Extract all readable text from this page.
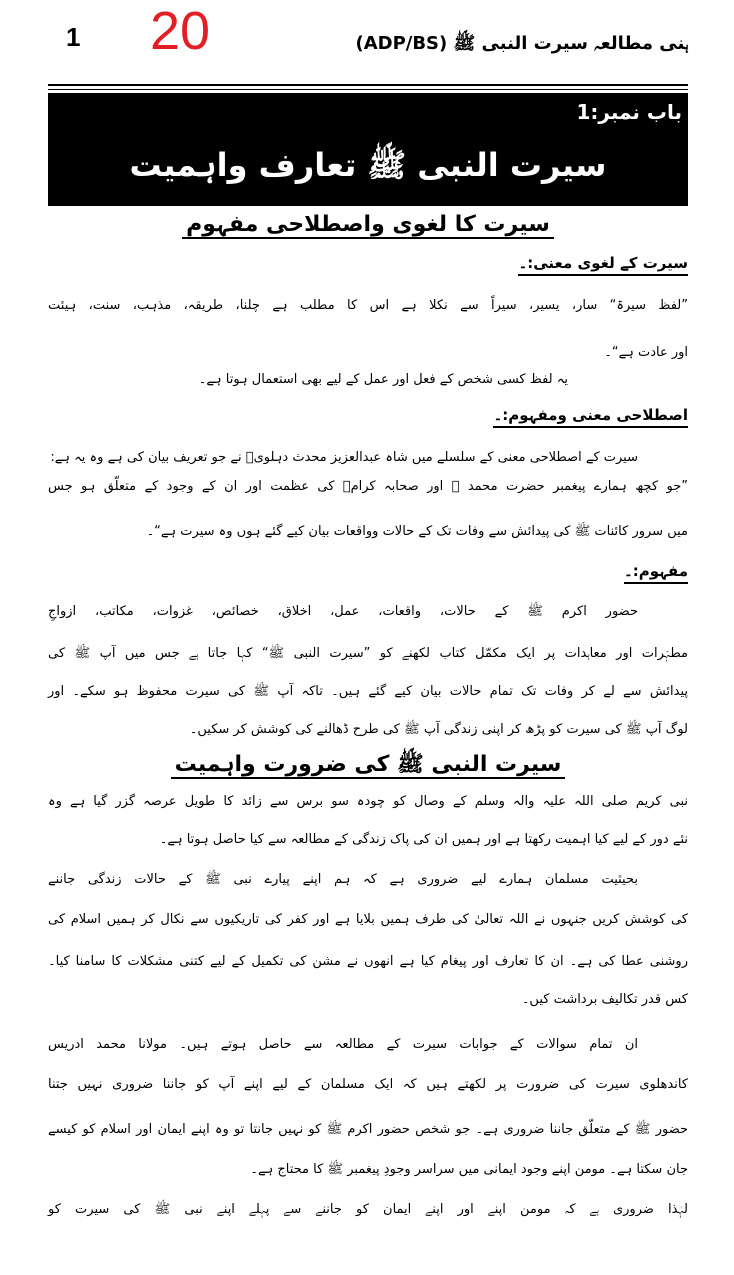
1 20	ہنی مطالعہ سیرت النبی ﷺ (ADP/BS)
باب نمبر:1
سیرت النبی ﷺ تعارف واہمیت
سیرت کا لغوی واصطلاحی مفہوم
سیرت کے لغوی معنی:۔
”لفظ سیرۃ“ سار، یسیر، سیراً سے نکلا ہے اس کا مطلب ہے چلنا، طریقہ، مذہب، سنت، ہیئت
اور عادت ہے“۔
یہ لفظ کسی شخص کے فعل اور عمل کے لیے بھی استعمال ہوتا ہے۔
اصطلاحی معنی ومفہوم:۔
سیرت کے اصطلاحی معنی کے سلسلے میں شاہ عبدالعزیز محدث دہلویؒ نے جو تعریف بیان کی ہے وہ یہ ہے:
”جو کچھ ہمارے پیغمبر حضرت محمد ﷺ اور صحابہ کرامؓ کی عظمت اور ان کے وجود کے متعلّق ہو جس
میں سرور کائنات ﷺ کی پیدائش سے وفات تک کے حالات وواقعات بیان کیے گئے ہوں وہ سیرت ہے“۔
مفہوم:۔
حضور اکرم ﷺ کے حالات، واقعات، عمل، اخلاق، خصائص، غزوات، مکاتب، ازواجِ
مطہّرات اور معاہدات پر ایک مکمّل کتاب لکھنے کو ”سیرت النبی ﷺ“ کہا جاتا ہے جس میں آپ ﷺ کی
پیدائش سے لے کر وفات تک تمام حالات بیان کیے گئے ہیں۔ تاکہ آپ ﷺ کی سیرت محفوظ ہو سکے۔ اور
لوگ آپ ﷺ کی سیرت کو پڑھ کر اپنی زندگی آپ ﷺ کی طرح ڈھالنے کی کوشش کر سکیں۔
سیرت النبی ﷺ کی ضرورت واہمیت
نبی کریم صلی اللہ علیہ والہ وسلم کے وصال کو چودہ سو برس سے زائد کا طویل عرصہ گزر گیا ہے وہ
نئے دور کے لیے کیا اہمیت رکھتا ہے اور ہمیں ان کی پاک زندگی کے مطالعہ سے کیا حاصل ہوتا ہے۔
بحیثیت مسلمان ہمارے لیے ضروری ہے کہ ہم اپنے پیارے نبی ﷺ کے حالات زندگی جاننے
کی کوشش کریں جنہوں نے اللہ تعالیٰ کی طرف ہمیں بلایا ہے اور کفر کی تاریکیوں سے نکال کر ہمیں اسلام کی
روشنی عطا کی ہے۔ ان کا تعارف اور پیغام کیا ہے انھوں نے مشن کی تکمیل کے لیے کتنی مشکلات کا سامنا کیا۔
کس قدر تکالیف برداشت کیں۔
ان تمام سوالات کے جوابات سیرت کے مطالعہ سے حاصل ہوتے ہیں۔ مولانا محمد ادریس
کاندھلوی سیرت کی ضرورت پر لکھتے ہیں کہ ایک مسلمان کے لیے اپنے آپ کو جاننا ضروری نہیں جتنا
حضور ﷺ کے متعلّق جاننا ضروری ہے۔ جو شخص حضور اکرم ﷺ کو نہیں جانتا تو وہ اپنے ایمان اور اسلام کو کیسے
جان سکتا ہے۔ مومن اپنے وجود ایمانی میں سراسر وجودِ پیغمبر ﷺ کا محتاج ہے۔
لہٰذا ضروری ہے کہ مومن اپنے اور اپنے ایمان کو جاننے سے پہلے اپنے نبی ﷺ کی سیرت کو
